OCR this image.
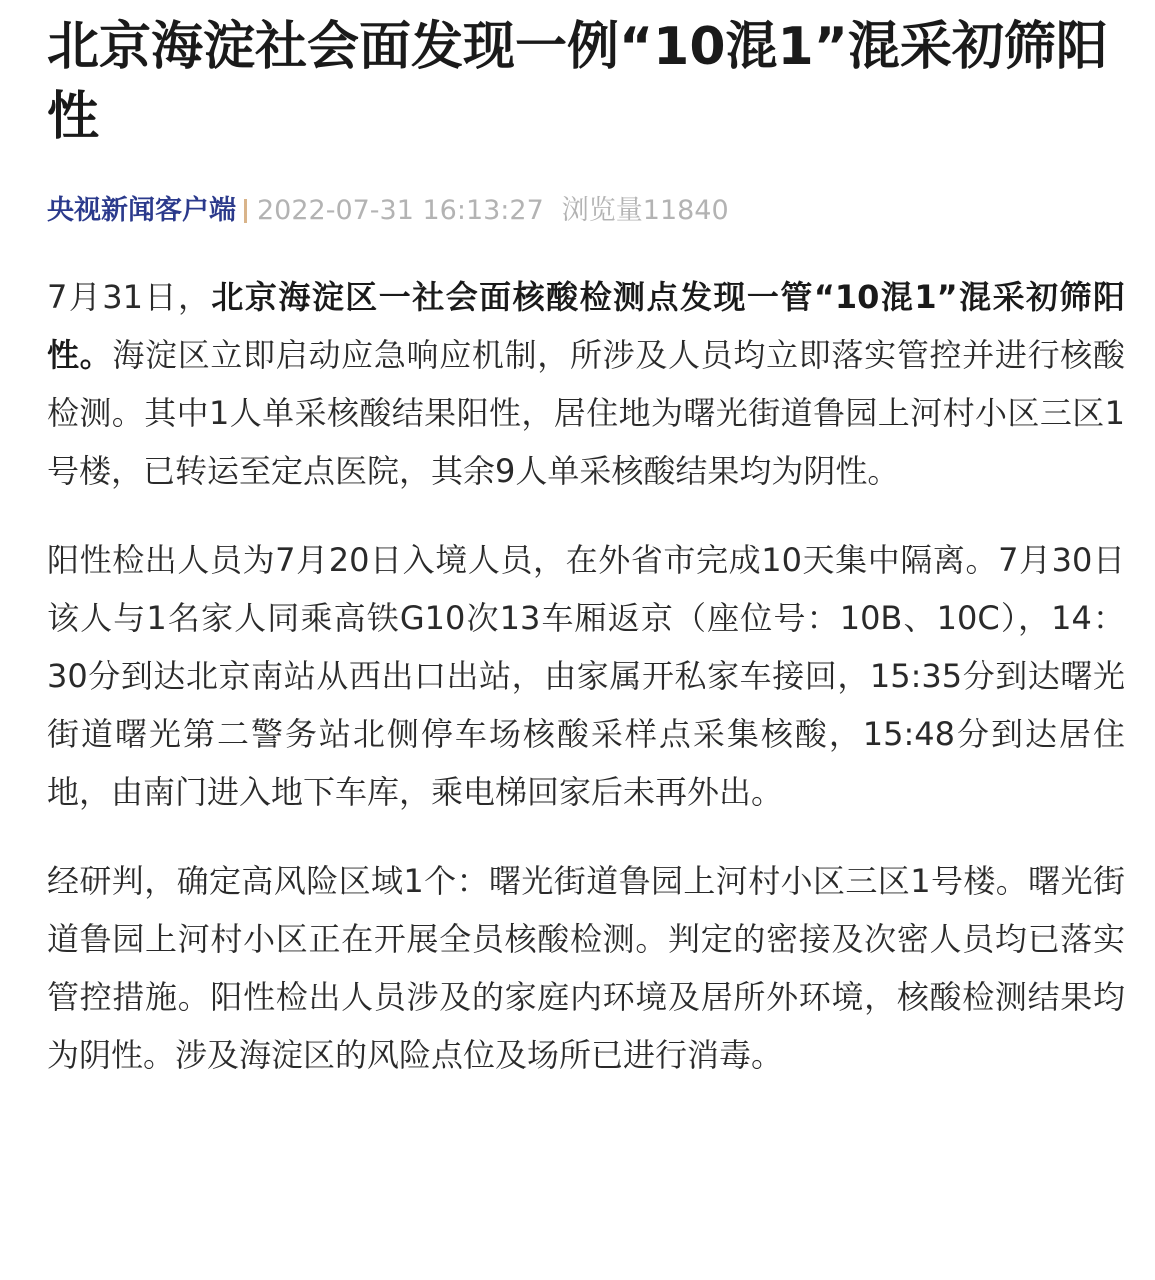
北京海淀社会面发现一例“10混1”混采初筛阳性
央视新闻客户端 2022-07-31 16:13:27 浏览量11840

7月31日，北京海淀区一社会面核酸检测点发现一管“10混1”混采初筛阳性。海淀区立即启动应急响应机制，所涉及人员均立即落实管控并进行核酸检测。其中1人单采核酸结果阳性，居住地为曙光街道鲁园上河村小区三区1号楼，已转运至定点医院，其余9人单采核酸结果均为阴性。

阳性检出人员为7月20日入境人员，在外省市完成10天集中隔离。7月30日该人与1名家人同乘高铁G10次13车厢返京（座位号：10B、10C），14：30分到达北京南站从西出口出站，由家属开私家车接回，15:35分到达曙光街道曙光第二警务站北侧停车场核酸采样点采集核酸，15:48分到达居住地，由南门进入地下车库，乘电梯回家后未再外出。

经研判，确定高风险区域1个：曙光街道鲁园上河村小区三区1号楼。曙光街道鲁园上河村小区正在开展全员核酸检测。判定的密接及次密人员均已落实管控措施。阳性检出人员涉及的家庭内环境及居所外环境，核酸检测结果均为阴性。涉及海淀区的风险点位及场所已进行消毒。
